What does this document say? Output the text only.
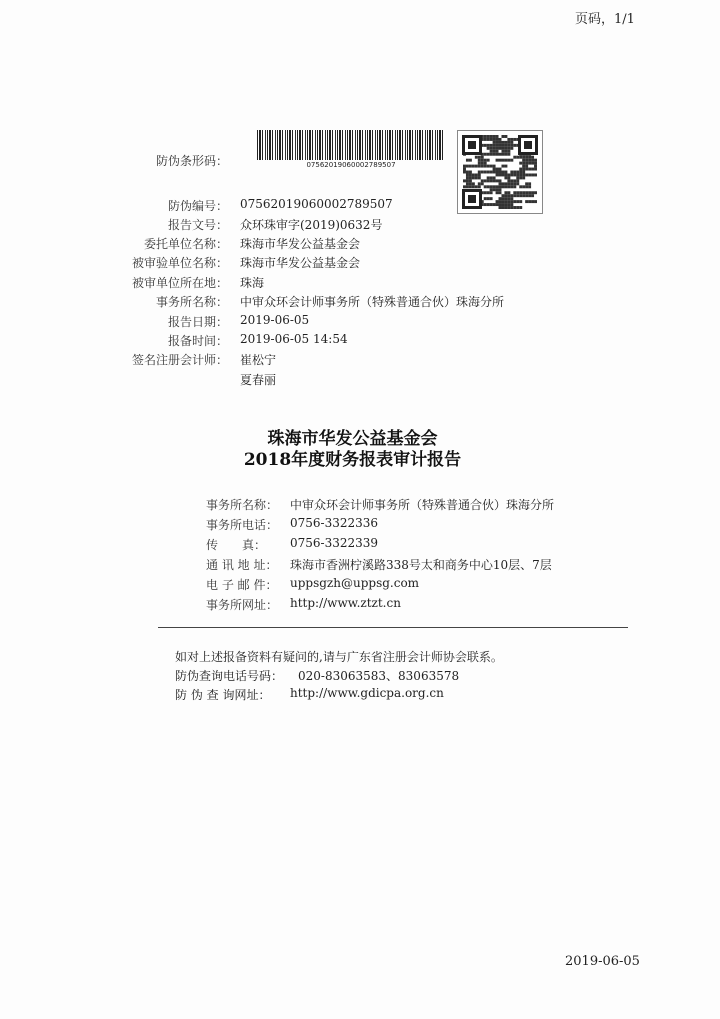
页码，1/1
防伪条形码：	07562019060002789507
防伪编号： 07562019060002789507
报告文号： 众环珠审字(2019)0632号
委托单位名称： 珠海市华发公益基金会
被审验单位名称： 珠海市华发公益基金会
被审单位所在地： 珠海
事务所名称： 中审众环会计师事务所（特殊普通合伙）珠海分所
报告日期： 2019-06-05
报备时间： 2019-06-05 14:54
签名注册会计师： 崔松宁
夏春丽
珠海市华发公益基金会
2018年度财务报表审计报告
事务所名称： 中审众环会计师事务所（特殊普通合伙）珠海分所
事务所电话： 0756-3322336
传　　真： 0756-3322339
通 讯 地 址： 珠海市香洲柠溪路338号太和商务中心10层、7层
电 子 邮 件： uppsgzh@uppsg.com
事务所网址： http://www.ztzt.cn
如对上述报备资料有疑问的,请与广东省注册会计师协会联系。
防伪查询电话号码： 020-83063583、83063578
防 伪 查 询网址： http://www.gdicpa.org.cn
2019-06-05
